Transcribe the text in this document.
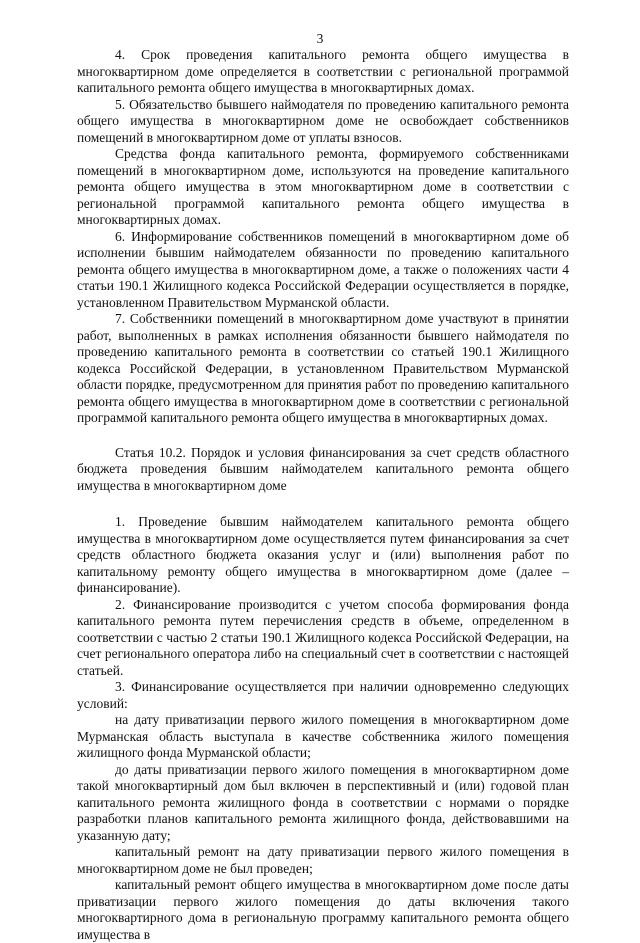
3

4. Срок проведения капитального ремонта общего имущества в многоквартирном доме определяется в соответствии с региональной программой капитального ремонта общего имущества в многоквартирных домах.

5. Обязательство бывшего наймодателя по проведению капитального ремонта общего имущества в многоквартирном доме не освобождает собственников помещений в многоквартирном доме от уплаты взносов.

Средства фонда капитального ремонта, формируемого собственниками помещений в многоквартирном доме, используются на проведение капитального ремонта общего имущества в этом многоквартирном доме в соответствии с региональной программой капитального ремонта общего имущества в многоквартирных домах.

6. Информирование собственников помещений в многоквартирном доме об исполнении бывшим наймодателем обязанности по проведению капитального ремонта общего имущества в многоквартирном доме, а также о положениях части 4 статьи 190.1 Жилищного кодекса Российской Федерации осуществляется в порядке, установленном Правительством Мурманской области.

7. Собственники помещений в многоквартирном доме участвуют в принятии работ, выполненных в рамках исполнения обязанности бывшего наймодателя по проведению капитального ремонта в соответствии со статьей 190.1 Жилищного кодекса Российской Федерации, в установленном Правительством Мурманской области порядке, предусмотренном для принятия работ по проведению капитального ремонта общего имущества в многоквартирном доме в соответствии с региональной программой капитального ремонта общего имущества в многоквартирных домах.

Статья 10.2. Порядок и условия финансирования за счет средств областного бюджета проведения бывшим наймодателем капитального ремонта общего имущества в многоквартирном доме

1. Проведение бывшим наймодателем капитального ремонта общего имущества в многоквартирном доме осуществляется путем финансирования за счет средств областного бюджета оказания услуг и (или) выполнения работ по капитальному ремонту общего имущества в многоквартирном доме (далее – финансирование).

2. Финансирование производится с учетом способа формирования фонда капитального ремонта путем перечисления средств в объеме, определенном в соответствии с частью 2 статьи 190.1 Жилищного кодекса Российской Федерации, на счет регионального оператора либо на специальный счет в соответствии с настоящей статьей.

3. Финансирование осуществляется при наличии одновременно следующих условий:

на дату приватизации первого жилого помещения в многоквартирном доме Мурманская область выступала в качестве собственника жилого помещения жилищного фонда Мурманской области;

до даты приватизации первого жилого помещения в многоквартирном доме такой многоквартирный дом был включен в перспективный и (или) годовой план капитального ремонта жилищного фонда в соответствии с нормами о порядке разработки планов капитального ремонта жилищного фонда, действовавшими на указанную дату;

капитальный ремонт на дату приватизации первого жилого помещения в многоквартирном доме не был проведен;

капитальный ремонт общего имущества в многоквартирном доме после даты приватизации первого жилого помещения до даты включения такого многоквартирного дома в региональную программу капитального ремонта общего имущества в
